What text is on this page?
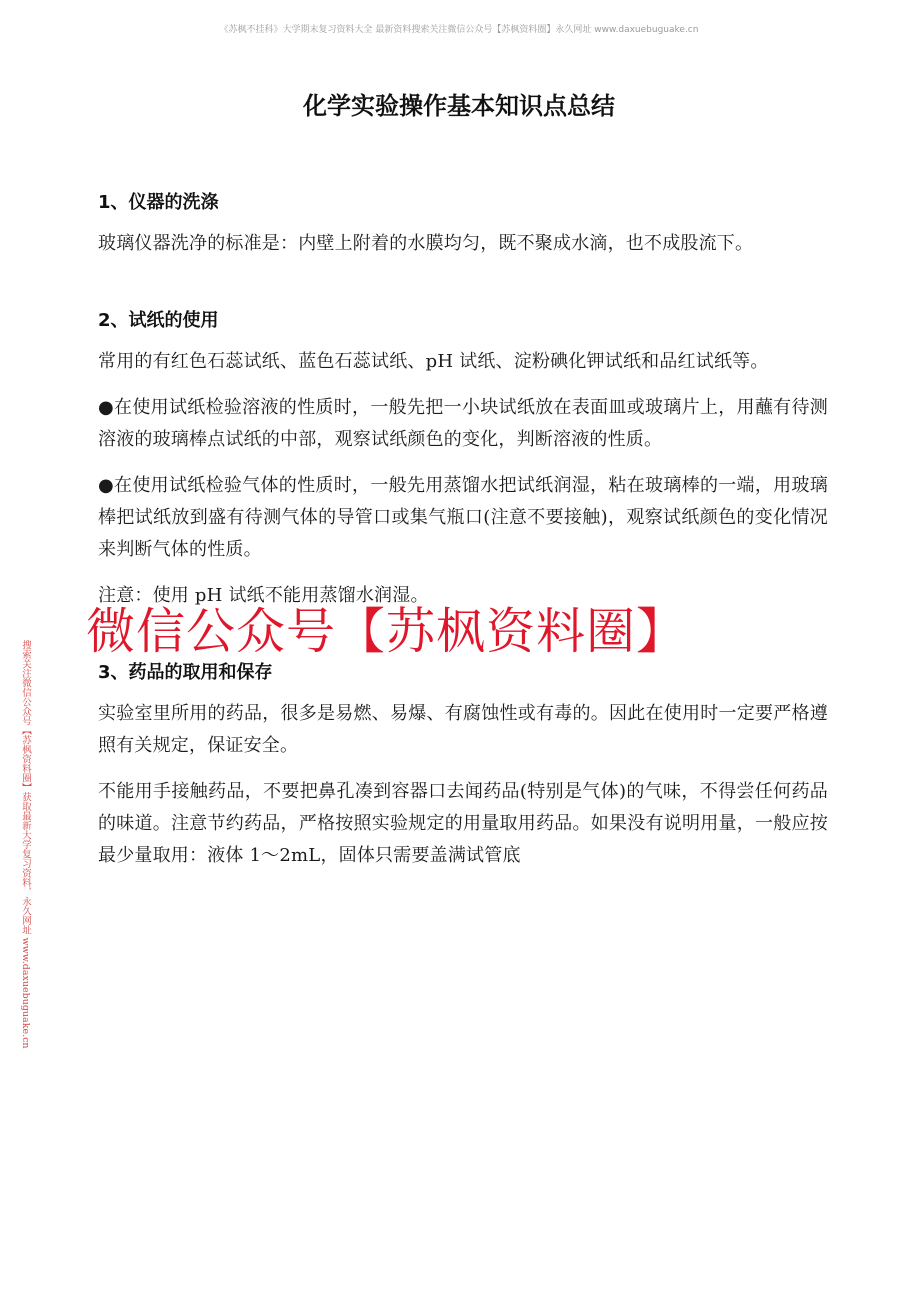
《苏枫不挂科》大学期末复习资料大全 最新资料搜索关注微信公众号【苏枫资料圈】永久网址 www.daxuebuguake.cn
搜索关注微信公众号【苏枫资料圈】获取最新大学复习资料，永久网址 www.daxuebuguake.cn
化学实验操作基本知识点总结
1、仪器的洗涤

玻璃仪器洗净的标准是：内壁上附着的水膜均匀，既不聚成水滴，也不成股流下。

2、试纸的使用

常用的有红色石蕊试纸、蓝色石蕊试纸、pH 试纸、淀粉碘化钾试纸和品红试纸等。

●在使用试纸检验溶液的性质时，一般先把一小块试纸放在表面皿或玻璃片上，用蘸有待测溶液的玻璃棒点试纸的中部，观察试纸颜色的变化，判断溶液的性质。

●在使用试纸检验气体的性质时，一般先用蒸馏水把试纸润湿，粘在玻璃棒的一端，用玻璃棒把试纸放到盛有待测气体的导管口或集气瓶口(注意不要接触)，观察试纸颜色的变化情况来判断气体的性质。

注意：使用 pH 试纸不能用蒸馏水润湿。

3、药品的取用和保存

实验室里所用的药品，很多是易燃、易爆、有腐蚀性或有毒的。因此在使用时一定要严格遵照有关规定，保证安全。

不能用手接触药品，不要把鼻孔凑到容器口去闻药品(特别是气体)的气味，不得尝任何药品的味道。注意节约药品，严格按照实验规定的用量取用药品。如果没有说明用量，一般应按最少量取用：液体 1～2mL，固体只需要盖满试管底

微信公众号【苏枫资料圈】
